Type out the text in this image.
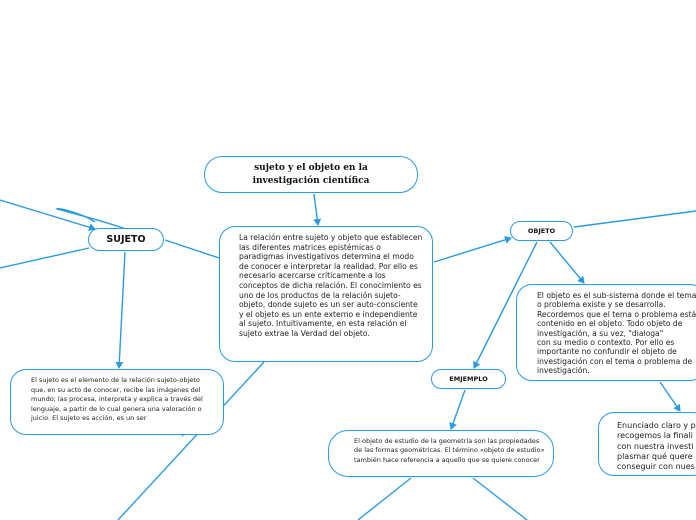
sujeto y el objeto en la investigación científica
SUJETO	La relación entre sujeto y objeto que establecen las diferentes matrices epistémicas o paradigmas investigativos determina el modo de conocer e interpretar la realidad. Por ello es necesario acercarse críticamente a los conceptos de dicha relación. El conocimiento es uno de los productos de la relación sujeto-objeto, donde sujeto es un ser auto-consciente y el objeto es un ente externo e independiente al sujeto. Intuitivamente, en esta relación el sujeto extrae la Verdad del objeto.
El sujeto es el elemento de la relación sujeto-objeto que, en su acto de conocer, recibe las imágenes del mundo; las procesa, interpreta y explica a través del lenguaje, a partir de lo cual genera una valoración o juicio. El sujeto es acción, es un ser
OBJETO
El objeto es el sub-sistema donde el tema
o problema existe y se desarrolla.
Recordemos que el tema o problema está
contenido en el objeto. Todo objeto de
investigación, a su vez, "dialoga"
con su medio o contexto. Por ello es
importante no confundir el objeto de
investigación con el tema o problema de
investigación.
Enunciado claro y p
recogemos la finali
con nuestra investi
plasmar qué quere
conseguir con nues
EMJEMPLO
El objeto de estudio de la geometría son las propiedades de las formas geométricas. El término «objeto de estudio» también hace referencia a aquello que se quiere conocer
